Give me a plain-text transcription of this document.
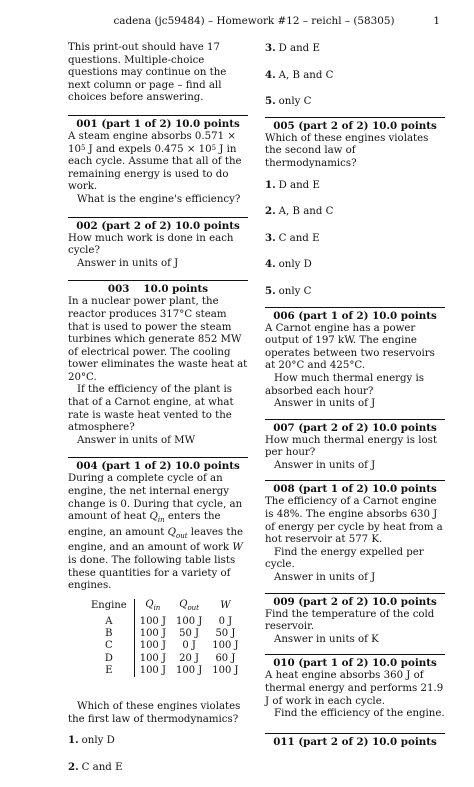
cadena (jc59484) – Homework #12 – reichl – (58305)	1

This print-out should have 17 questions. Multiple-choice questions may continue on the next column or page – find all choices before answering.

001 (part 1 of 2) 10.0 points

A steam engine absorbs $0.571 \times 10^5$ J and expels $0.475 \times 10^5$ J in each cycle. Assume that all of the remaining energy is used to do work.

What is the engine's efficiency?

002 (part 2 of 2) 10.0 points

How much work is done in each cycle?

Answer in units of J

003 10.0 points

In a nuclear power plant, the reactor produces 317°C steam that is used to power the steam turbines which generate 852 MW of electrical power. The cooling tower eliminates the waste heat at 20°C.

If the efficiency of the plant is that of a Carnot engine, at what rate is waste heat vented to the atmosphere?

Answer in units of MW

004 (part 1 of 2) 10.0 points

During a complete cycle of an engine, the net internal energy change is 0. During that cycle, an amount of heat $Q_{in}$ enters the engine, an amount $Q_{out}$ leaves the engine, and an amount of work W is done. The following table lists these quantities for a variety of engines.

Engine	$Q_{in}$	$Q_{out}$	W
A	100 J	100 J	0 J
B	100 J	50 J	50 J
C	100 J	0 J	100 J
D	100 J	20 J	60 J
E	100 J	100 J	100 J

Which of these engines violates the first law of thermodynamics?

1. only D
2. C and E
3. D and E
4. A, B and C
5. only C
005 (part 2 of 2) 10.0 points

Which of these engines violates the second law of thermodynamics?

1. D and E
2. A, B and C
3. C and E
4. only D
5. only C
006 (part 1 of 2) 10.0 points

A Carnot engine has a power output of 197 kW. The engine operates between two reservoirs at 20°C and 425°C.

How much thermal energy is absorbed each hour?

Answer in units of J

007 (part 2 of 2) 10.0 points

How much thermal energy is lost per hour?

Answer in units of J

008 (part 1 of 2) 10.0 points

The efficiency of a Carnot engine is 48%. The engine absorbs 630 J of energy per cycle by heat from a hot reservoir at 577 K.

Find the energy expelled per cycle.

Answer in units of J

009 (part 2 of 2) 10.0 points

Find the temperature of the cold reservoir.

Answer in units of K

010 (part 1 of 2) 10.0 points

A heat engine absorbs 360 J of thermal energy and performs 21.9 J of work in each cycle.

Find the efficiency of the engine.

011 (part 2 of 2) 10.0 points
